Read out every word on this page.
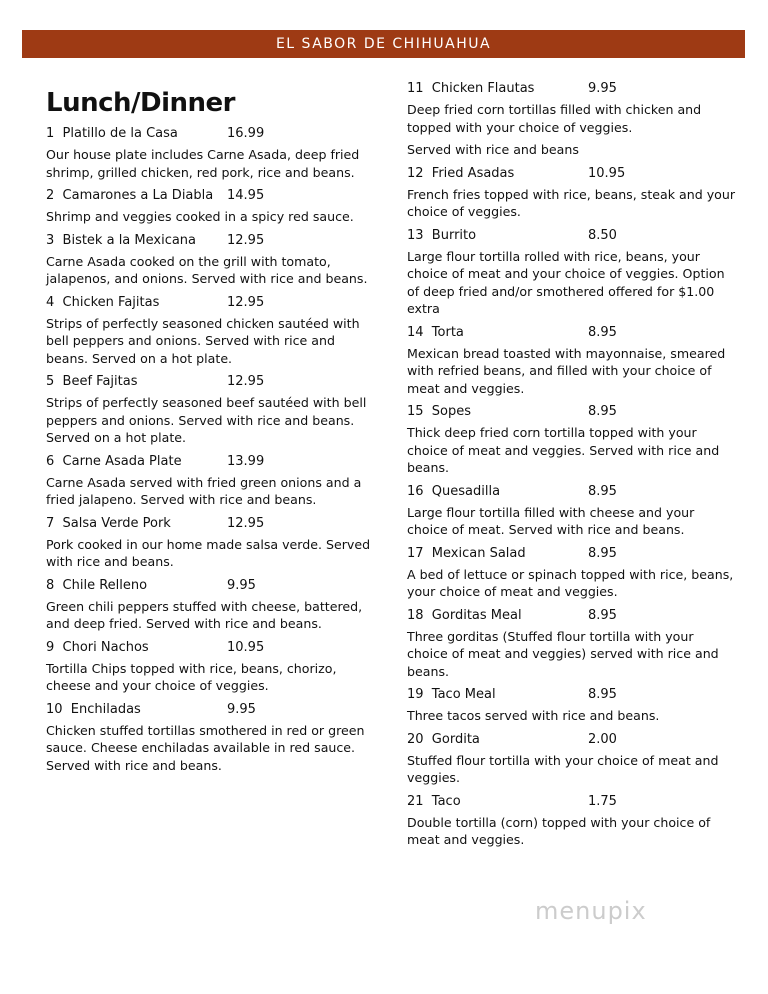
EL SABOR DE CHIHUAHUA
Lunch/Dinner
1  Platillo de la Casa	16.99

Our house plate includes Carne Asada, deep fried shrimp, grilled chicken, red pork, rice and beans.

2  Camarones a La Diabla	14.95

Shrimp and veggies cooked in a spicy red sauce.

3  Bistek a la Mexicana	12.95

Carne Asada cooked on the grill with tomato, jalapenos, and onions. Served with rice and beans.

4  Chicken Fajitas	12.95

Strips of perfectly seasoned chicken sautéed with bell peppers and onions. Served with rice and beans. Served on a hot plate.

5  Beef Fajitas	12.95

Strips of perfectly seasoned beef sautéed with bell peppers and onions. Served with rice and beans. Served on a hot plate.

6  Carne Asada Plate	13.99

Carne Asada served with fried green onions and a fried jalapeno. Served with rice and beans.

7  Salsa Verde Pork	12.95

Pork cooked in our home made salsa verde. Served with rice and beans.

8  Chile Relleno	9.95

Green chili peppers stuffed with cheese, battered, and deep fried. Served with rice and beans.

9  Chori Nachos	10.95

Tortilla Chips topped with rice, beans, chorizo, cheese and your choice of veggies.

10  Enchiladas	9.95

Chicken stuffed tortillas smothered in red or green sauce. Cheese enchiladas available in red sauce. Served with rice and beans.

11  Chicken Flautas	9.95

Deep fried corn tortillas filled with chicken and topped with your choice of veggies.

Served with rice and beans

12  Fried Asadas	10.95

French fries topped with rice, beans, steak and your choice of veggies.

13  Burrito	8.50

Large flour tortilla rolled with rice, beans, your choice of meat and your choice of veggies. Option of deep fried and/or smothered offered for $1.00 extra

14  Torta	8.95

Mexican bread toasted with mayonnaise, smeared with refried beans, and filled with your choice of meat and veggies.

15  Sopes	8.95

Thick deep fried corn tortilla topped with your choice of meat and veggies. Served with rice and beans.

16  Quesadilla	8.95

Large flour tortilla filled with cheese and your choice of meat. Served with rice and beans.

17  Mexican Salad	8.95

A bed of lettuce or spinach topped with rice, beans, your choice of meat and veggies.

18  Gorditas Meal	8.95

Three gorditas (Stuffed flour tortilla with your choice of meat and veggies) served with rice and beans.

19  Taco Meal	8.95

Three tacos served with rice and beans.

20  Gordita	2.00

Stuffed flour tortilla with your choice of meat and veggies.

21  Taco	1.75

Double tortilla (corn) topped with your choice of meat and veggies.

menupix
